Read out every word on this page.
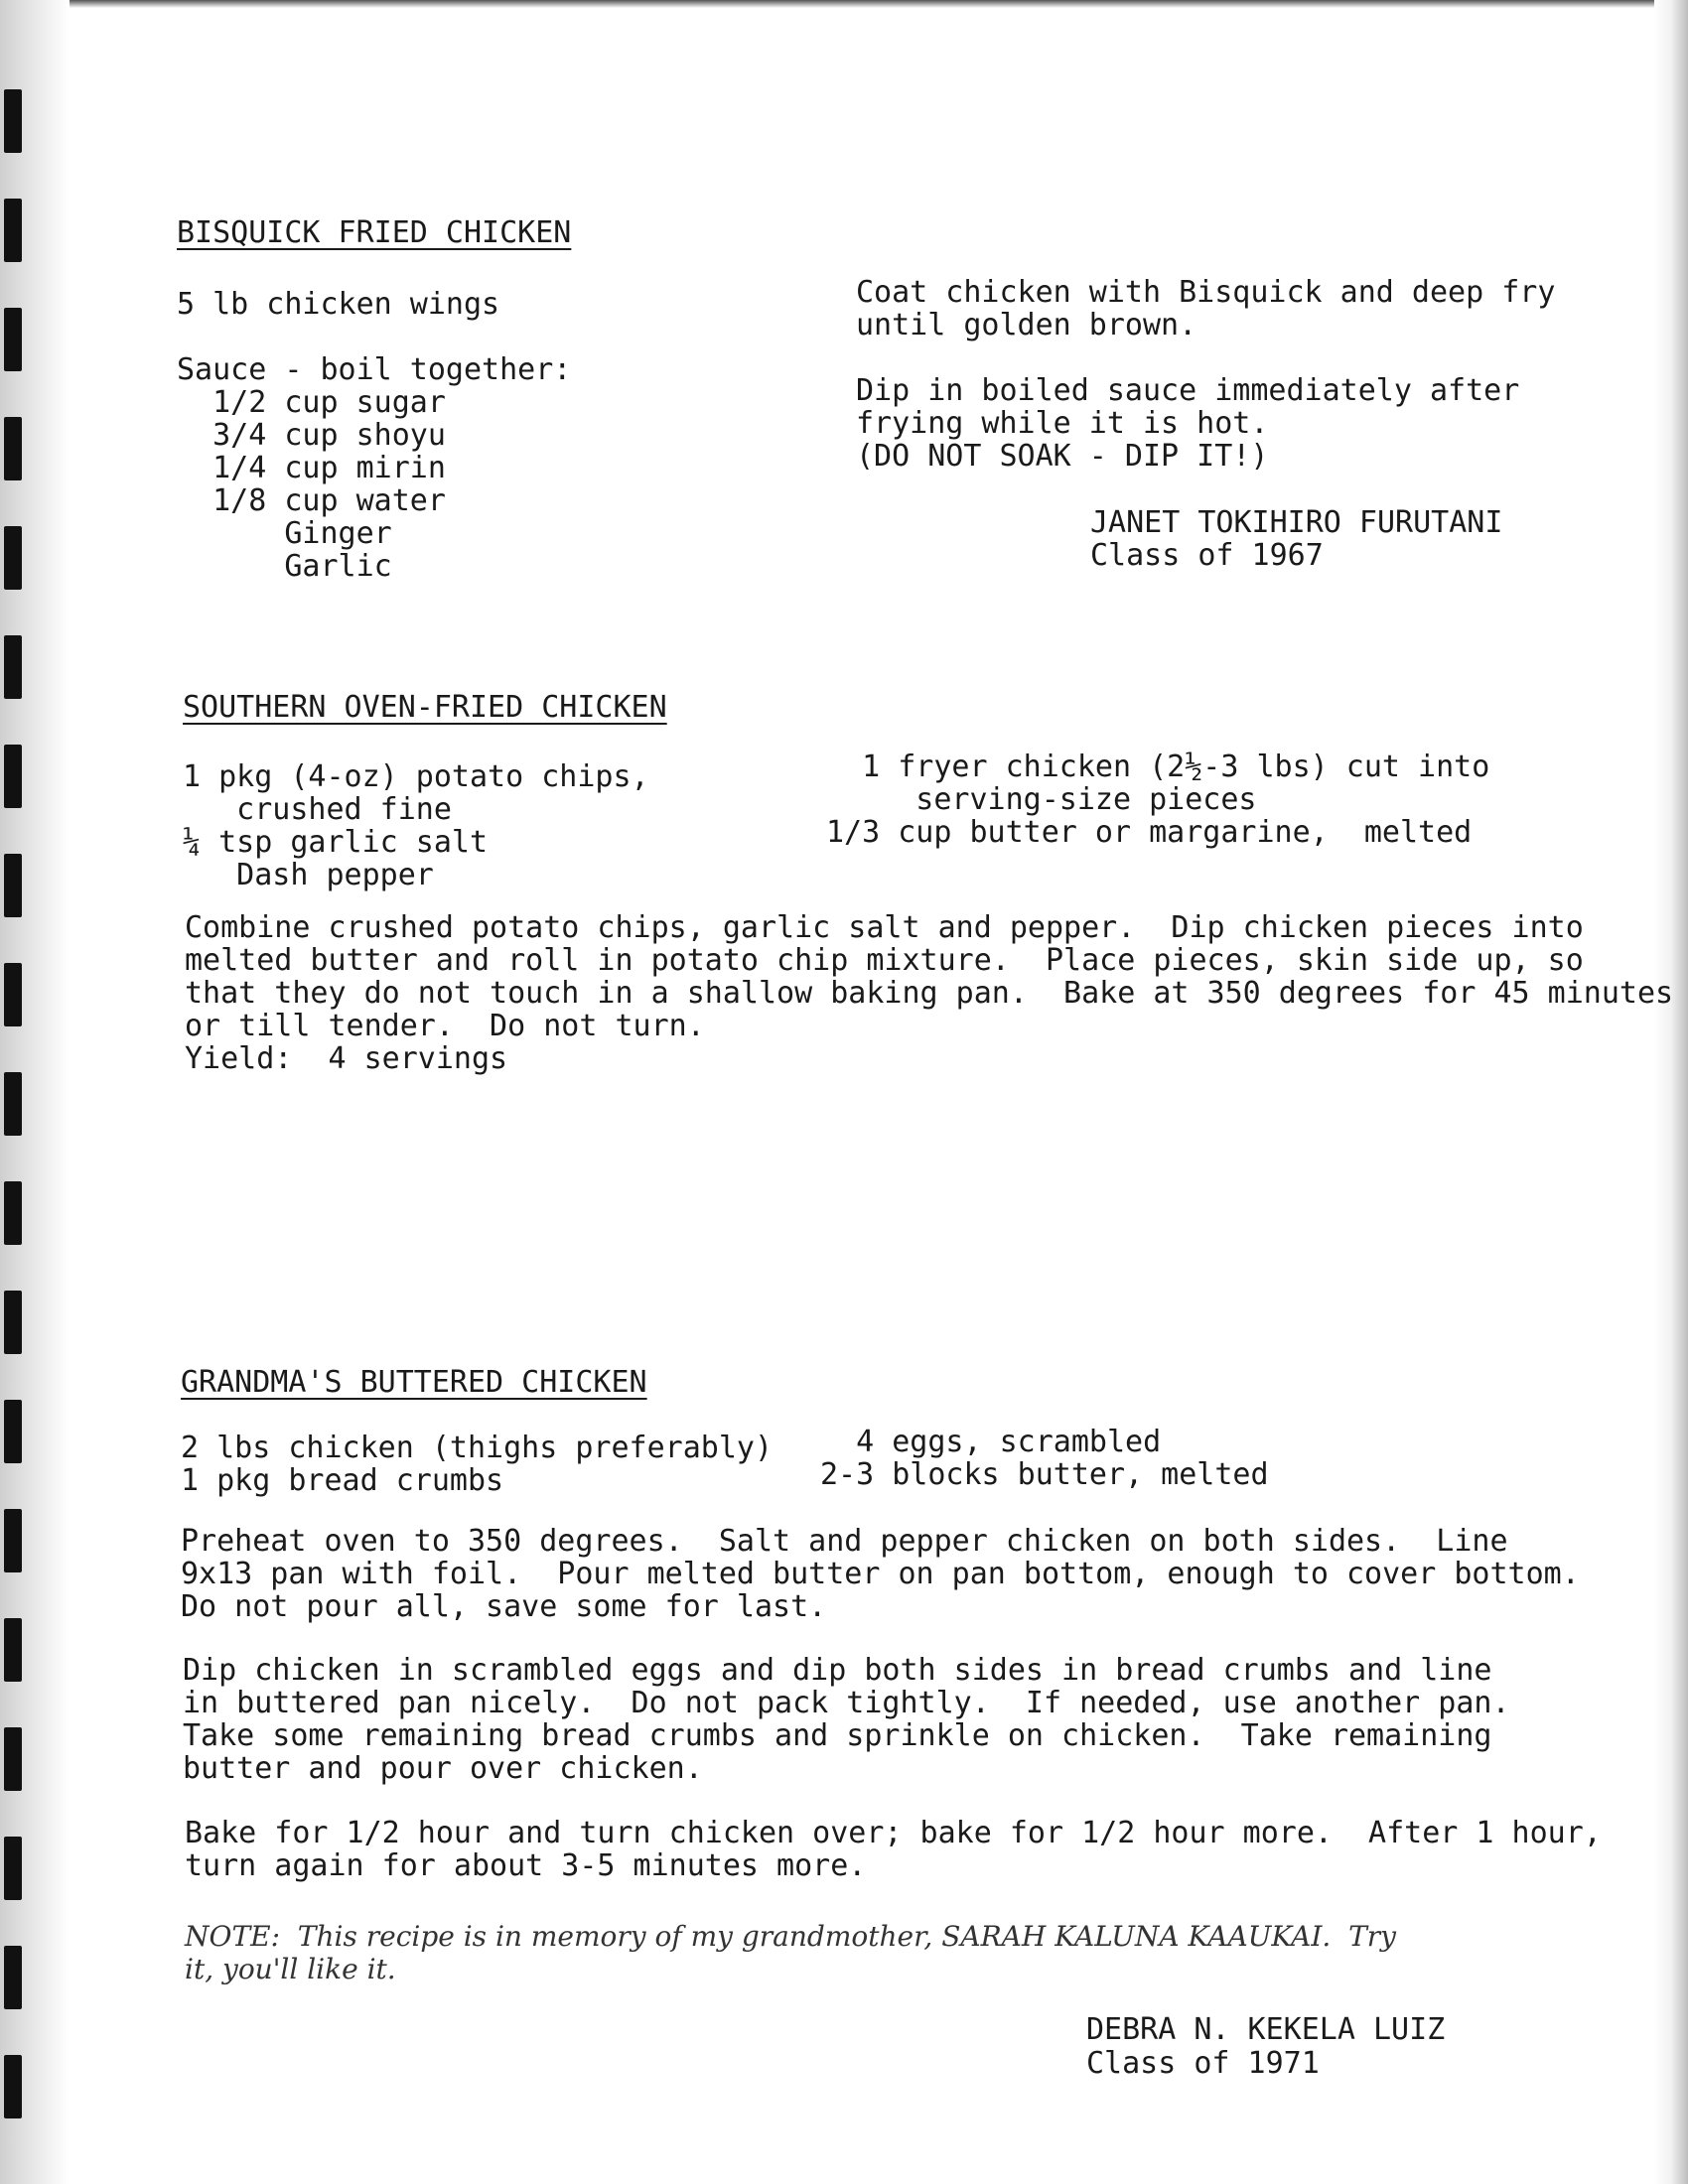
BISQUICK FRIED CHICKEN
5 lb chicken wings

Sauce - boil together:
1/2 cup sugar
3/4 cup shoyu
1/4 cup mirin
1/8 cup water
Ginger
Garlic
Coat chicken with Bisquick and deep fry
until golden brown.

Dip in boiled sauce immediately after
frying while it is hot.
(DO NOT SOAK - DIP IT!)
JANET TOKIHIRO FURUTANI
Class of 1967
SOUTHERN OVEN-FRIED CHICKEN
1 pkg (4-oz) potato chips,
crushed fine
¼ tsp garlic salt
Dash pepper
1 fryer chicken (2½-3 lbs) cut into
serving-size pieces
1/3 cup butter or margarine,  melted
Combine crushed potato chips, garlic salt and pepper.  Dip chicken pieces into
melted butter and roll in potato chip mixture.  Place pieces, skin side up, so
that they do not touch in a shallow baking pan.  Bake at 350 degrees for 45 minutes
or till tender.  Do not turn.
Yield:  4 servings
GRANDMA'S BUTTERED CHICKEN
2 lbs chicken (thighs preferably)
1 pkg bread crumbs
4 eggs, scrambled
2-3 blocks butter, melted
Preheat oven to 350 degrees.  Salt and pepper chicken on both sides.  Line
9x13 pan with foil.  Pour melted butter on pan bottom, enough to cover bottom.
Do not pour all, save some for last.
Dip chicken in scrambled eggs and dip both sides in bread crumbs and line
in buttered pan nicely.  Do not pack tightly.  If needed, use another pan.
Take some remaining bread crumbs and sprinkle on chicken.  Take remaining
butter and pour over chicken.
Bake for 1/2 hour and turn chicken over; bake for 1/2 hour more.  After 1 hour,
turn again for about 3-5 minutes more.
NOTE:  This recipe is in memory of my grandmother, SARAH KALUNA KAAUKAI.  Try
it, you'll like it.
DEBRA N. KEKELA LUIZ
Class of 1971
